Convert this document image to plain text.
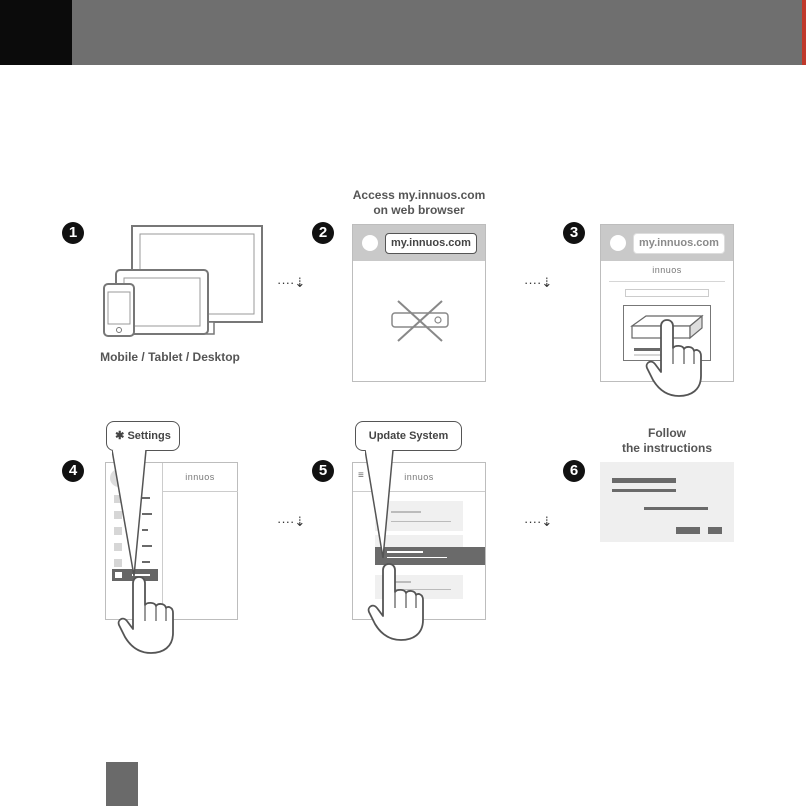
1
Mobile / Tablet / Desktop
····⇣
Access my.innuos.com
on web browser
2
my.innuos.com
····⇣
3
my.innuos.com
innuos
4	innuos
✱ Settings
····⇣
5	≡	innuos
Update System
····⇣
Follow
the instructions
6
